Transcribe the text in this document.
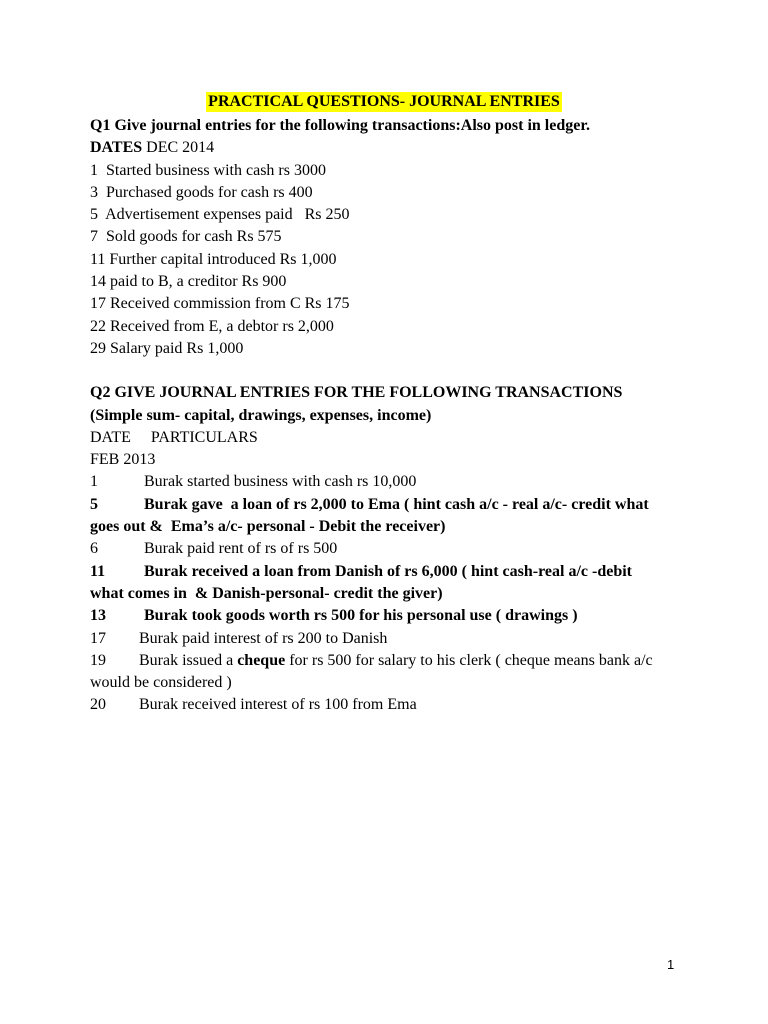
PRACTICAL QUESTIONS- JOURNAL ENTRIES
Q1 Give journal entries for the following transactions:Also post in ledger.
DATES DEC 2014
1  Started business with cash rs 3000
3  Purchased goods for cash rs 400
5  Advertisement expenses paid   Rs 250
7  Sold goods for cash Rs 575
11 Further capital introduced Rs 1,000
14 paid to B, a creditor Rs 900
17 Received commission from C Rs 175
22 Received from E, a debtor rs 2,000
29 Salary paid Rs 1,000
Q2 GIVE JOURNAL ENTRIES FOR THE FOLLOWING TRANSACTIONS
(Simple sum- capital, drawings, expenses, income)
DATE     PARTICULARS
FEB 2013
1	Burak started business with cash rs 10,000
5	Burak gave  a loan of rs 2,000 to Ema ( hint cash a/c - real a/c- credit what
goes out &  Ema’s a/c- personal - Debit the receiver)
6	Burak paid rent of rs of rs 500
11 Burak received a loan from Danish of rs 6,000 ( hint cash-real a/c -debit
what comes in  & Danish-personal- credit the giver)
13 Burak took goods worth rs 500 for his personal use ( drawings )
17 Burak paid interest of rs 200 to Danish
19 Burak issued a cheque for rs 500 for salary to his clerk ( cheque means bank a/c
would be considered )
20 Burak received interest of rs 100 from Ema
1
